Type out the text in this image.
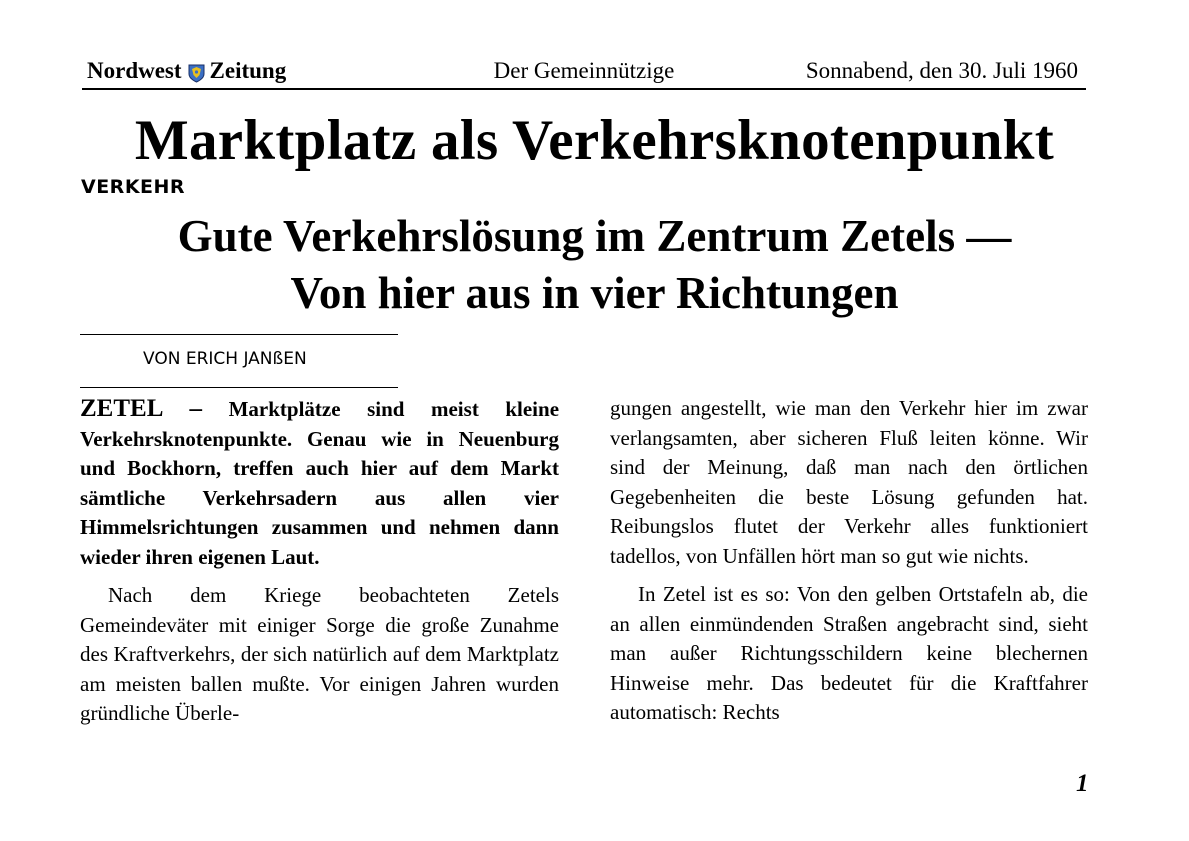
Nordwest Zeitung	Der Gemeinnützige	Sonnabend, den 30. Juli 1960
Marktplatz als Verkehrsknotenpunkt
VERKEHR
Gute Verkehrslösung im Zentrum Zetels —
Von hier aus in vier Richtungen
VON ERICH JANßEN

ZETEL – Marktplätze sind meist kleine Verkehrsknotenpunkte. Genau wie in Neuenburg und Bockhorn, treffen auch hier auf dem Markt sämtliche Verkehrsadern aus allen vier Himmelsrichtungen zusammen und nehmen dann wieder ihren eigenen Laut.

Nach dem Kriege beobachteten Zetels Gemeindeväter mit einiger Sorge die große Zunahme des Kraftverkehrs, der sich natürlich auf dem Marktplatz am meisten ballen mußte. Vor einigen Jahren wurden gründliche Überle-

gungen angestellt, wie man den Verkehr hier im zwar verlangsamten, aber sicheren Fluß leiten könne. Wir sind der Meinung, daß man nach den örtlichen Gegebenheiten die beste Lösung gefunden hat. Reibungslos flutet der Verkehr alles funktioniert tadellos, von Unfällen hört man so gut wie nichts.

In Zetel ist es so: Von den gelben Ortstafeln ab, die an allen einmündenden Straßen angebracht sind, sieht man außer Richtungsschildern keine blechernen Hinweise mehr. Das bedeutet für die Kraftfahrer automatisch: Rechts

1
